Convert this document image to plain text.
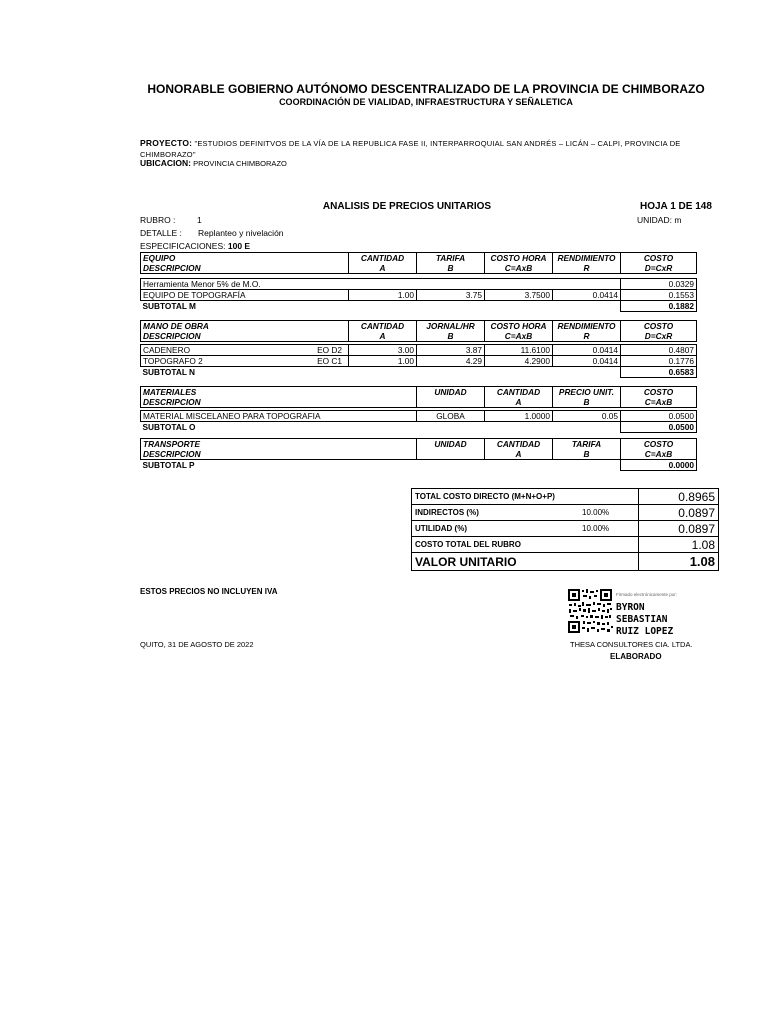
HONORABLE GOBIERNO AUTÓNOMO DESCENTRALIZADO DE LA PROVINCIA DE CHIMBORAZO
COORDINACIÓN DE VIALIDAD, INFRAESTRUCTURA Y SEÑALETICA
PROYECTO: "ESTUDIOS DEFINITVOS DE LA VÍA DE LA REPUBLICA FASE II, INTERPARROQUIAL SAN ANDRÉS – LICÁN – CALPI, PROVINCIA DE CHIMBORAZO"
UBICACION: PROVINCIA CHIMBORAZO
ANALISIS DE PRECIOS UNITARIOS	HOJA 1 DE 148
RUBRO :	1	UNIDAD: m
DETALLE : Replanteo y nivelación
ESPECIFICACIONES: 100 E
EQUIPO	CANTIDAD	TARIFA	COSTO HORA	RENDIMIENTO	COSTO
DESCRIPCION	A	B	C=AxB	R	D=CxR

Herramienta Menor 5% de M.O.					0.0329
EQUIPO DE TOPOGRAFÍA	1.00	3.75	3.7500	0.0414	0.1553
SUBTOTAL M					0.1882
MANO DE OBRA	CANTIDAD	JORNAL/HR	COSTO HORA	RENDIMIENTO	COSTO
DESCRIPCION	A	B	C=AxB	R	D=CxR

CADENERO EO D2	3.00	3.87	11.6100	0.0414	0.4807
TOPOGRAFO 2 EO C1	1.00	4.29	4.2900	0.0414	0.1776
SUBTOTAL N					0.6583
MATERIALES	UNIDAD	CANTIDAD	PRECIO UNIT.	COSTO
DESCRIPCION		A	B	C=AxB

MATERIAL MISCELANEO PARA TOPOGRAFIA	GLOBA	1.0000	0.05	0.0500
SUBTOTAL O				0.0500
TRANSPORTE	UNIDAD	CANTIDAD	TARIFA	COSTO
DESCRIPCION		A	B	C=AxB
SUBTOTAL P				0.0000
TOTAL COSTO DIRECTO (M+N+O+P)	0.8965
INDIRECTOS (%) 10.00%	0.0897
UTILIDAD (%) 10.00%	0.0897
COSTO TOTAL DEL RUBRO	1.08
VALOR UNITARIO	1.08
ESTOS PRECIOS NO INCLUYEN IVA
QUITO, 31 DE AGOSTO DE 2022
Firmado electrónicamente por:
BYRON
SEBASTIAN
RUIZ LOPEZ
THESA CONSULTORES CIA. LTDA.
ELABORADO
